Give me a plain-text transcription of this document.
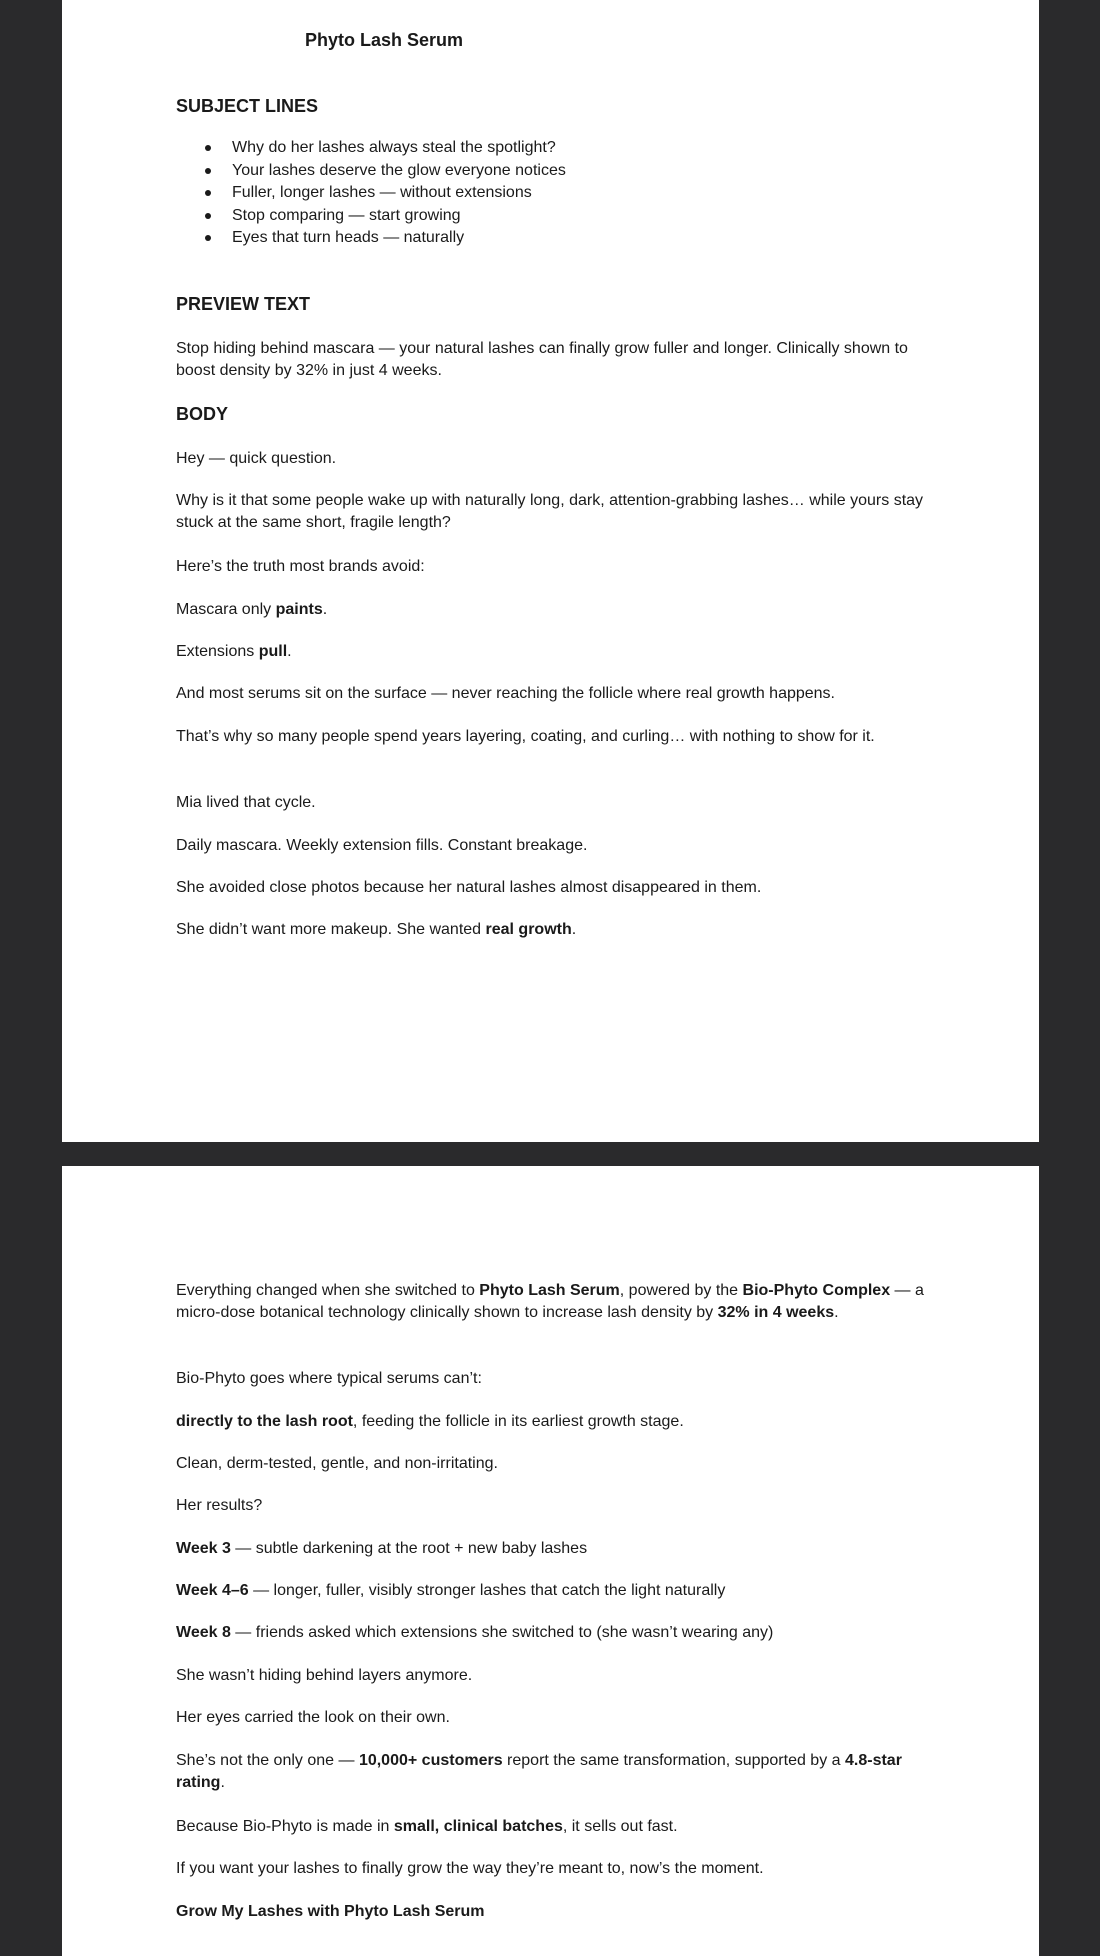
Phyto Lash Serum
SUBJECT LINES
Why do her lashes always steal the spotlight?
Your lashes deserve the glow everyone notices
Fuller, longer lashes — without extensions
Stop comparing — start growing
Eyes that turn heads — naturally
PREVIEW TEXT

Stop hiding behind mascara — your natural lashes can finally grow fuller and longer. Clinically shown to boost density by 32% in just 4 weeks.

BODY

Hey — quick question.

Why is it that some people wake up with naturally long, dark, attention-grabbing lashes… while yours stay stuck at the same short, fragile length?

Here’s the truth most brands avoid:

Mascara only paints.

Extensions pull.

And most serums sit on the surface — never reaching the follicle where real growth happens.

That’s why so many people spend years layering, coating, and curling… with nothing to show for it.

Mia lived that cycle.

Daily mascara. Weekly extension fills. Constant breakage.

She avoided close photos because her natural lashes almost disappeared in them.

She didn’t want more makeup. She wanted real growth.

Everything changed when she switched to Phyto Lash Serum, powered by the Bio-Phyto Complex — a micro-dose botanical technology clinically shown to increase lash density by 32% in 4 weeks.

Bio-Phyto goes where typical serums can’t:

directly to the lash root, feeding the follicle in its earliest growth stage.

Clean, derm-tested, gentle, and non-irritating.

Her results?

Week 3 — subtle darkening at the root + new baby lashes

Week 4–6 — longer, fuller, visibly stronger lashes that catch the light naturally

Week 8 — friends asked which extensions she switched to (she wasn’t wearing any)

She wasn’t hiding behind layers anymore.

Her eyes carried the look on their own.

She’s not the only one — 10,000+ customers report the same transformation, supported by a 4.8-star rating.

Because Bio-Phyto is made in small, clinical batches, it sells out fast.

If you want your lashes to finally grow the way they’re meant to, now’s the moment.

Grow My Lashes with Phyto Lash Serum
